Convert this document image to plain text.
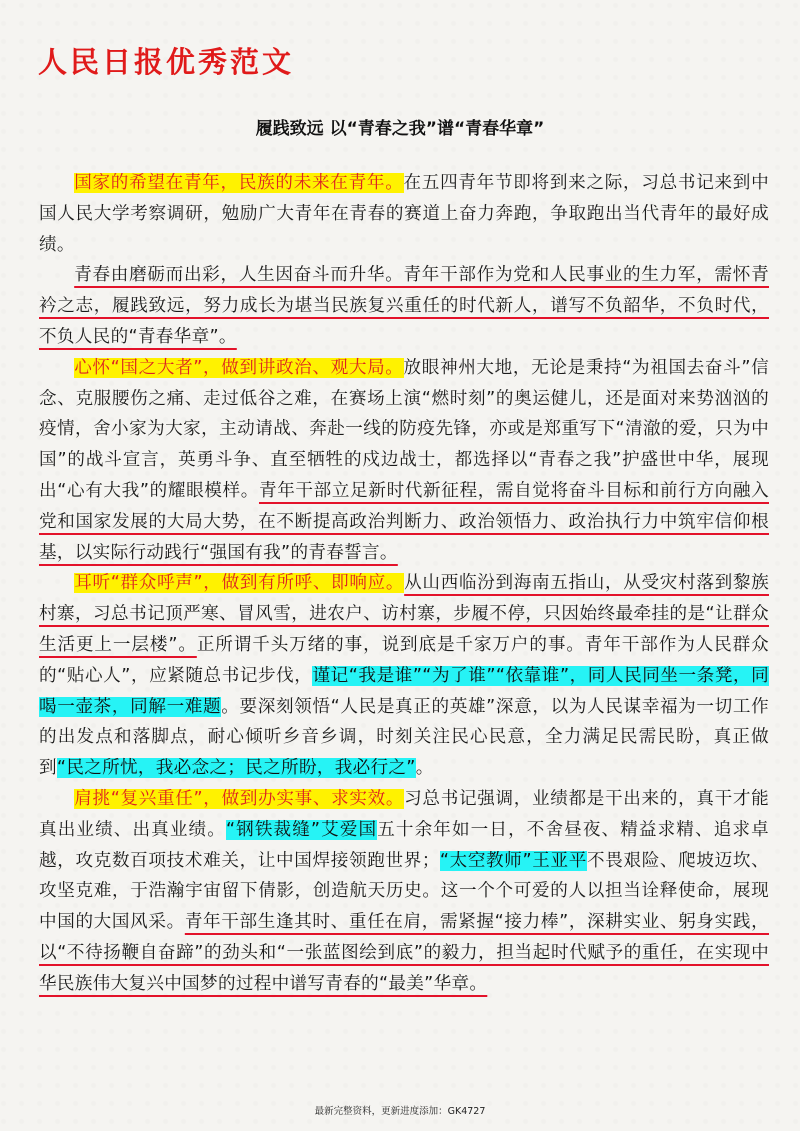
人民日报优秀范文
履践致远 以“青春之我”谱“青春华章”

国家的希望在青年，民族的未来在青年。在五四青年节即将到来之际，习总书记来到中国人民大学考察调研，勉励广大青年在青春的赛道上奋力奔跑，争取跑出当代青年的最好成绩。

青春由磨砺而出彩，人生因奋斗而升华。青年干部作为党和人民事业的生力军，需怀青衿之志，履践致远，努力成长为堪当民族复兴重任的时代新人，谱写不负韶华，不负时代，不负人民的“青春华章”。

心怀“国之大者”，做到讲政治、观大局。放眼神州大地，无论是秉持“为祖国去奋斗”信念、克服腰伤之痛、走过低谷之难，在赛场上演“燃时刻”的奥运健儿，还是面对来势汹汹的疫情，舍小家为大家，主动请战、奔赴一线的防疫先锋，亦或是郑重写下“清澈的爱，只为中国”的战斗宣言，英勇斗争、直至牺牲的戍边战士，都选择以“青春之我”护盛世中华，展现出“心有大我”的耀眼模样。青年干部立足新时代新征程，需自觉将奋斗目标和前行方向融入党和国家发展的大局大势，在不断提高政治判断力、政治领悟力、政治执行力中筑牢信仰根基，以实际行动践行“强国有我”的青春誓言。

耳听“群众呼声”，做到有所呼、即响应。从山西临汾到海南五指山，从受灾村落到黎族村寨，习总书记顶严寒、冒风雪，进农户、访村寨，步履不停，只因始终最牵挂的是“让群众生活更上一层楼”。正所谓千头万绪的事，说到底是千家万户的事。青年干部作为人民群众的“贴心人”，应紧随总书记步伐，谨记“我是谁”“为了谁”“依靠谁”，同人民同坐一条凳，同喝一壶茶，同解一难题。要深刻领悟“人民是真正的英雄”深意，以为人民谋幸福为一切工作的出发点和落脚点，耐心倾听乡音乡调，时刻关注民心民意，全力满足民需民盼，真正做到“民之所忧，我必念之；民之所盼，我必行之”。

肩挑“复兴重任”，做到办实事、求实效。习总书记强调，业绩都是干出来的，真干才能真出业绩、出真业绩。“钢铁裁缝”艾爱国五十余年如一日，不舍昼夜、精益求精、追求卓越，攻克数百项技术难关，让中国焊接领跑世界；“太空教师”王亚平不畏艰险、爬坡迈坎、攻坚克难，于浩瀚宇宙留下倩影，创造航天历史。这一个个可爱的人以担当诠释使命，展现中国的大国风采。青年干部生逢其时、重任在肩，需紧握“接力棒”，深耕实业、躬身实践，以“不待扬鞭自奋蹄”的劲头和“一张蓝图绘到底”的毅力，担当起时代赋予的重任，在实现中华民族伟大复兴中国梦的过程中谱写青春的“最美”华章。

最新完整资料，更新进度添加：GK4727
